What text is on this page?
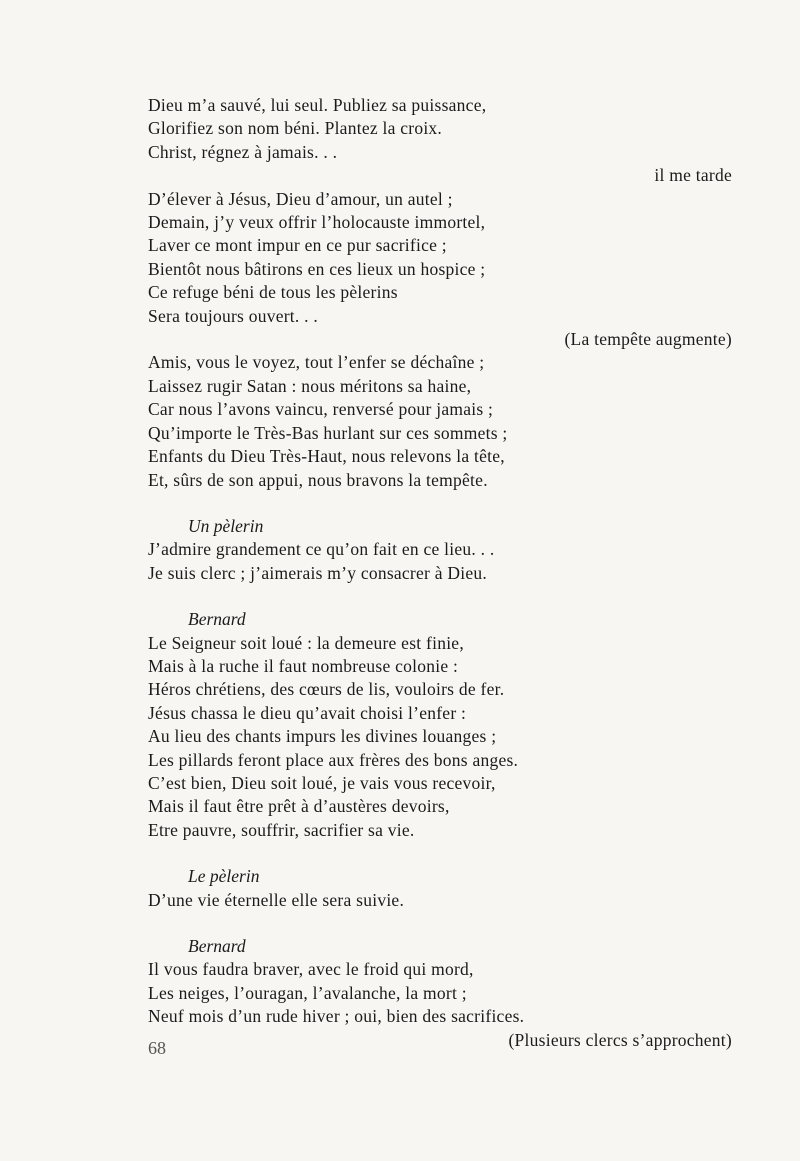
Dieu m’a sauvé, lui seul. Publiez sa puissance,
Glorifiez son nom béni. Plantez la croix.
Christ, régnez à jamais. . .
il me tarde
D’élever à Jésus, Dieu d’amour, un autel ;
Demain, j’y veux offrir l’holocauste immortel,
Laver ce mont impur en ce pur sacrifice ;
Bientôt nous bâtirons en ces lieux un hospice ;
Ce refuge béni de tous les pèlerins
Sera toujours ouvert. . .
(La tempête augmente)
Amis, vous le voyez, tout l’enfer se déchaîne ;
Laissez rugir Satan : nous méritons sa haine,
Car nous l’avons vaincu, renversé pour jamais ;
Qu’importe le Très-Bas hurlant sur ces sommets ;
Enfants du Dieu Très-Haut, nous relevons la tête,
Et, sûrs de son appui, nous bravons la tempête.
Un pèlerin
J’admire grandement ce qu’on fait en ce lieu. . .
Je suis clerc ; j’aimerais m’y consacrer à Dieu.
Bernard
Le Seigneur soit loué : la demeure est finie,
Mais à la ruche il faut nombreuse colonie :
Héros chrétiens, des cœurs de lis, vouloirs de fer.
Jésus chassa le dieu qu’avait choisi l’enfer :
Au lieu des chants impurs les divines louanges ;
Les pillards feront place aux frères des bons anges.
C’est bien, Dieu soit loué, je vais vous recevoir,
Mais il faut être prêt à d’austères devoirs,
Etre pauvre, souffrir, sacrifier sa vie.
Le pèlerin
D’une vie éternelle elle sera suivie.
Bernard
Il vous faudra braver, avec le froid qui mord,
Les neiges, l’ouragan, l’avalanche, la mort ;
Neuf mois d’un rude hiver ; oui, bien des sacrifices.
(Plusieurs clercs s’approchent)
68
